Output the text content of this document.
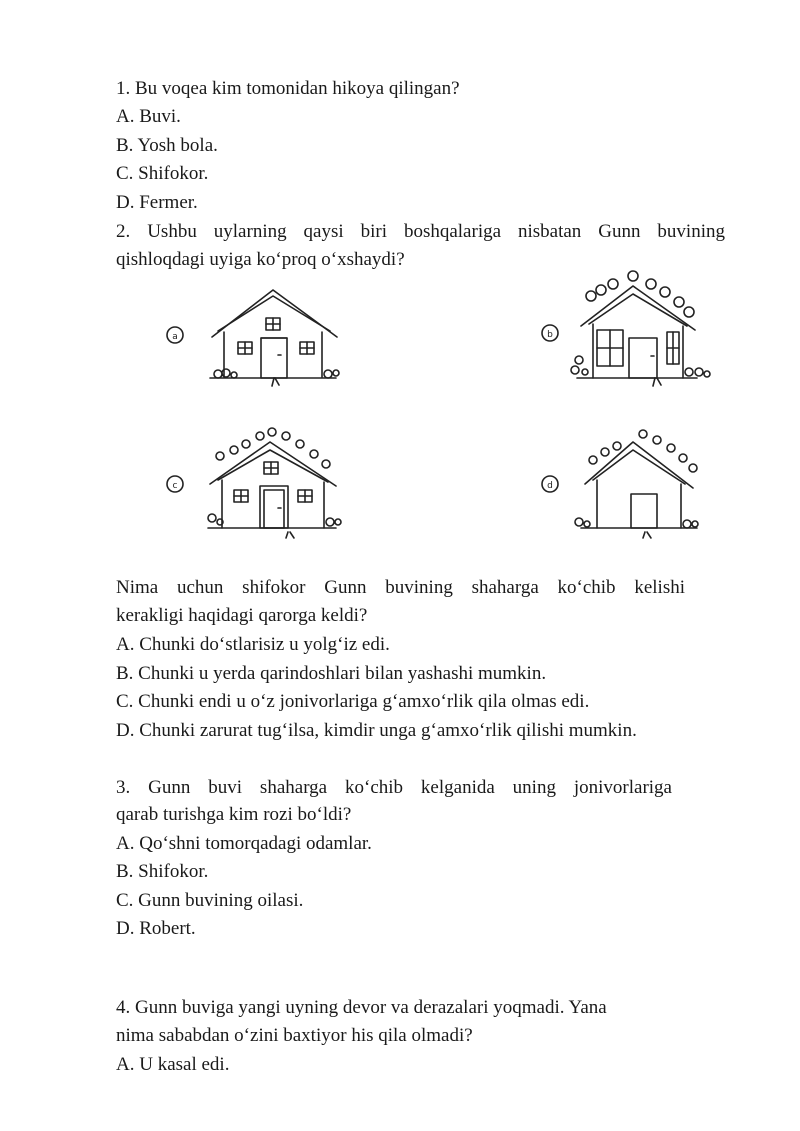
1. Bu voqea kim tomonidan hikoya qilingan?
A. Buvi.
B. Yosh bola.
C. Shifokor.
D. Fermer.
2. Ushbu uylarning qaysi biri boshqalariga nisbatan Gunn buvining
qishloqdagi uyiga ko‘proq o‘xshaydi?
a	b
c	d
Nima uchun shifokor Gunn buvining shaharga ko‘chib kelishi
kerakligi haqidagi qarorga keldi?
A. Chunki do‘stlarisiz u yolg‘iz edi.
B. Chunki u yerda qarindoshlari bilan yashashi mumkin.
C. Chunki endi u o‘z jonivorlariga g‘amxo‘rlik qila olmas edi.
D. Chunki zarurat tug‘ilsa, kimdir unga g‘amxo‘rlik qilishi mumkin.
3. Gunn buvi shaharga ko‘chib kelganida uning jonivorlariga
qarab turishga kim rozi bo‘ldi?
A. Qo‘shni tomorqadagi odamlar.
B. Shifokor.
C. Gunn buvining oilasi.
D. Robert.
4. Gunn buviga yangi uyning devor va derazalari yoqmadi. Yana
nima sababdan o‘zini baxtiyor his qila olmadi?
A. U kasal edi.
